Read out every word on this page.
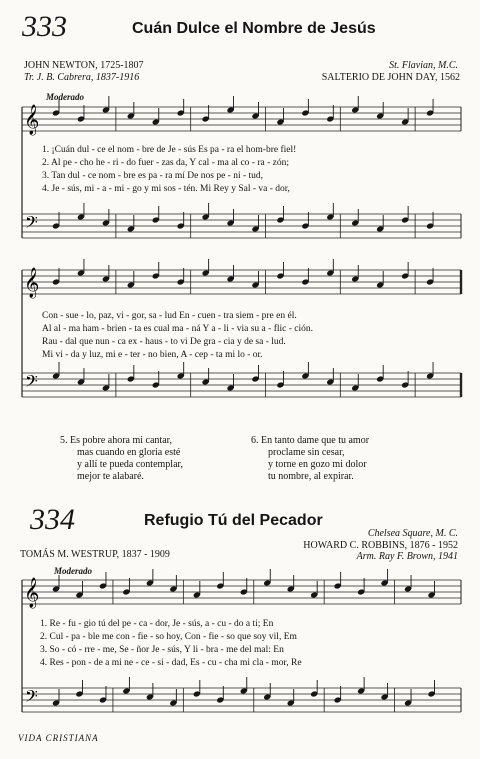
333	Cuán Dulce el Nombre de Jesús
JOHN NEWTON, 1725-1807
Tr. J. B. Cabrera, 1837-1916
St. Flavian, M.C.
SALTERIO DE JOHN DAY, 1562
Moderado
1. ¡Cuán dul - ce el nom - bre de Je - sús Es pa - ra el hom-bre fiel!
2. Al pe - cho he - ri - do fuer - zas da, Y cal - ma al co - ra - zón;
3. Tan dul - ce nom - bre es pa - ra mí De nos pe - ni - tud,
4. Je - sús, mi - a - mi - go y mi sos - tén. Mi Rey y Sal - va - dor,
Con - sue - lo, paz, vi - gor, sa - lud En - cuen - tra siem - pre en él.
Al al - ma ham - brien - ta es cual ma - ná Y a - li - via su a - flic - ción.
Rau - dal que nun - ca ex - haus - to vi De gra - cia y de sa - lud.
Mi vi - da y luz, mi e - ter - no bien, A - cep - ta mi lo - or.
5. Es pobre ahora mi cantar,
mas cuando en gloria esté
y allí te pueda contemplar,
mejor te alabaré.
6. En tanto dame que tu amor
proclame sin cesar,
y torne en gozo mi dolor
tu nombre, al expirar.
334	Refugio Tú del Pecador
Chelsea Square, M. C.
HOWARD C. ROBBINS, 1876 - 1952
TOMÁS M. WESTRUP, 1837 - 1909	Arm. Ray F. Brown, 1941
Moderado
1. Re - fu - gio tú del pe - ca - dor, Je - sús, a - cu - do a ti; En
2. Cul - pa - ble me con - fie - so hoy, Con - fie - so que soy vil, Em
3. So - có - rre - me, Se - ñor Je - sús, Y li - bra - me del mal: En
4. Res - pon - de a mi ne - ce - si - dad, Es - cu - cha mi cla - mor, Re
VIDA CRISTIANA
𝄞
𝄢
𝄞
𝄢
𝄞
𝄢
